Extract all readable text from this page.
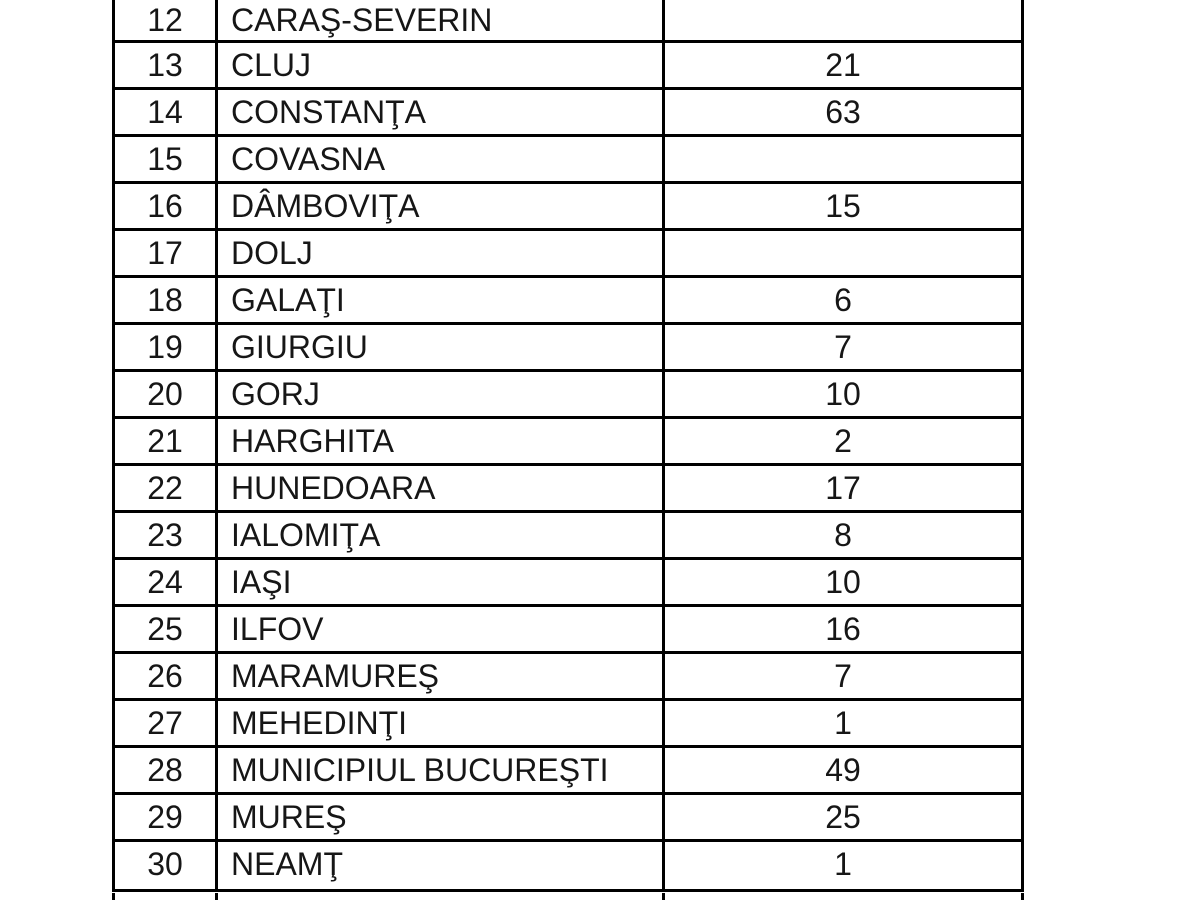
12	CARAŞ-SEVERIN
13	CLUJ	21
14	CONSTANŢA	63
15	COVASNA
16	DÂMBOVIŢA	15
17	DOLJ
18	GALAŢI	6
19	GIURGIU	7
20	GORJ	10
21	HARGHITA	2
22	HUNEDOARA	17
23	IALOMIŢA	8
24	IAŞI	10
25	ILFOV	16
26	MARAMUREŞ	7
27	MEHEDINŢI	1
28	MUNICIPIUL BUCUREŞTI	49
29	MUREŞ	25
30	NEAMŢ	1
